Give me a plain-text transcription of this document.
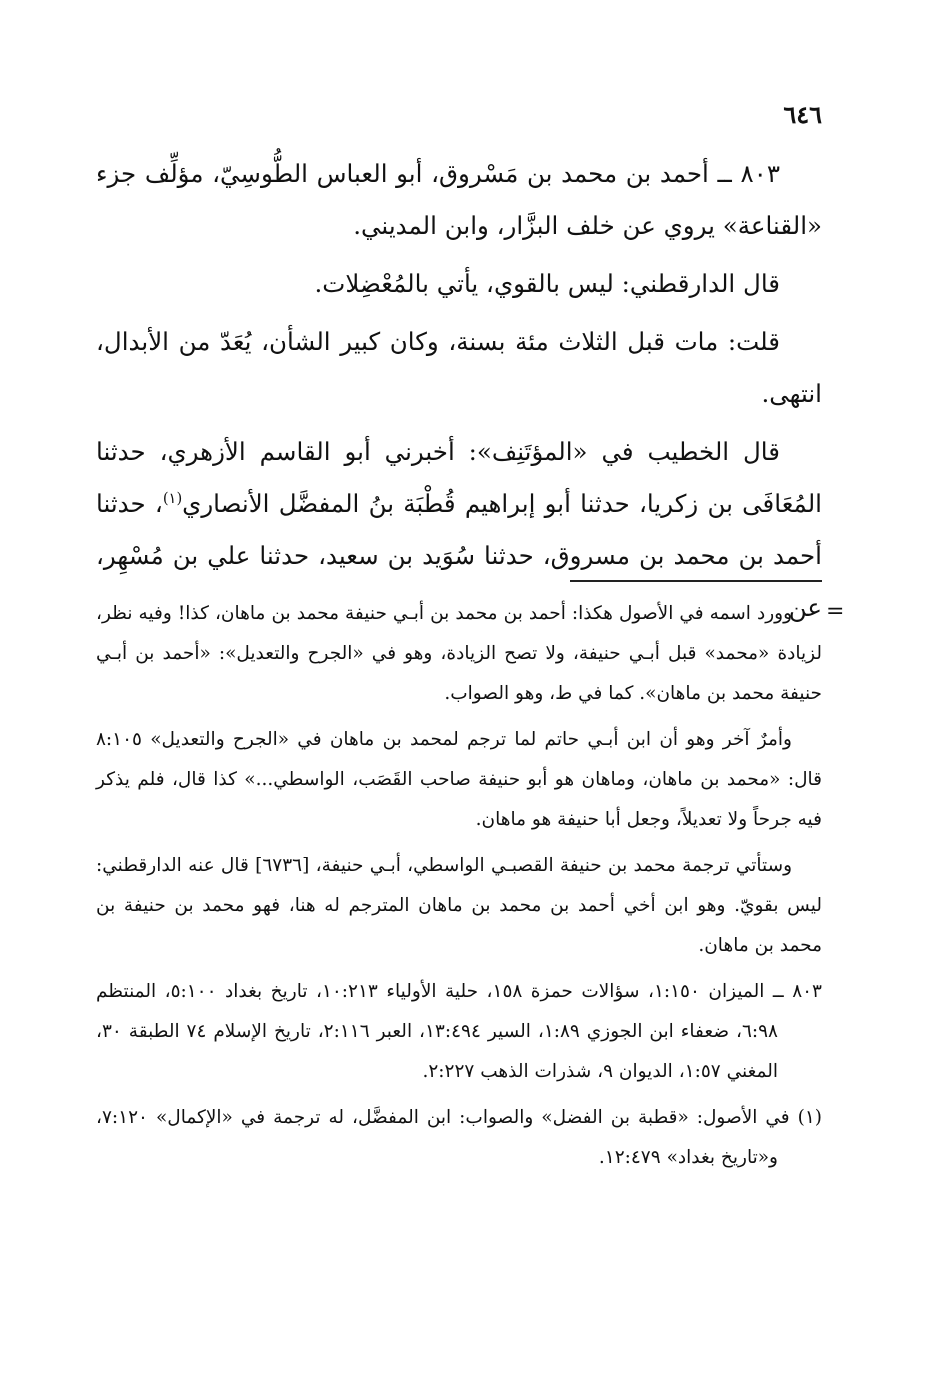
٦٤٦

٨٠٣ ــ أحمد بن محمد بن مَسْروق، أبو العباس الطُّوسِيّ، مؤلِّف جزء «القناعة» يروي عن خلف البزَّار، وابن المديني.

قال الدارقطني: ليس بالقوي، يأتي بالمُعْضِلات.

قلت: مات قبل الثلاث مئة بسنة، وكان كبير الشأن، يُعَدّ من الأبدال، انتهى.

قال الخطيب في «المؤتَنِف»: أخبرني أبو القاسم الأزهري، حدثنا المُعَافَى بن زكريا، حدثنا أبو إبراهيم قُطْبَة بنُ المفضَّل الأنصاري$^{(١)}$، حدثنا أحمد بن محمد بن مسروق، حدثنا سُوَيد بن سعيد، حدثنا علي بن مُسْهِر، عن =

وورد اسمه في الأصول هكذا: أحمد بن محمد بن أبـي حنيفة محمد بن ماهان، كذا! وفيه نظر، لزيادة «محمد» قبل أبـي حنيفة، ولا تصح الزيادة، وهو في «الجرح والتعديل»: «أحمد بن أبـي حنيفة محمد بن ماهان». كما في ط، وهو الصواب.

وأمرٌ آخر وهو أن ابن أبـي حاتم لما ترجم لمحمد بن ماهان في «الجرح والتعديل» ٨:١٠٥ قال: «محمد بن ماهان، وماهان هو أبو حنيفة صاحب القَصَب، الواسطي...» كذا قال، فلم يذكر فيه جرحاً ولا تعديلاً، وجعل أبا حنيفة هو ماهان.

وستأتي ترجمة محمد بن حنيفة القصبـي الواسطي، أبـي حنيفة، [٦٧٣٦] قال عنه الدارقطني: ليس بقويّ. وهو ابن أخي أحمد بن محمد بن ماهان المترجم له هنا، فهو محمد بن حنيفة بن محمد بن ماهان.

٨٠٣ ــ الميزان ١:١٥٠، سؤالات حمزة ١٥٨، حلية الأولياء ١٠:٢١٣، تاريخ بغداد ٥:١٠٠، المنتظم ٦:٩٨، ضعفاء ابن الجوزي ١:٨٩، السير ١٣:٤٩٤، العبر ٢:١١٦، تاريخ الإسلام ٧٤ الطبقة ٣٠، المغني ١:٥٧، الديوان ٩، شذرات الذهب ٢:٢٢٧.

(١) في الأصول: «قطبة بن الفضل» والصواب: ابن المفضَّل، له ترجمة في «الإكمال» ٧:١٢٠، و«تاريخ بغداد» ١٢:٤٧٩.
